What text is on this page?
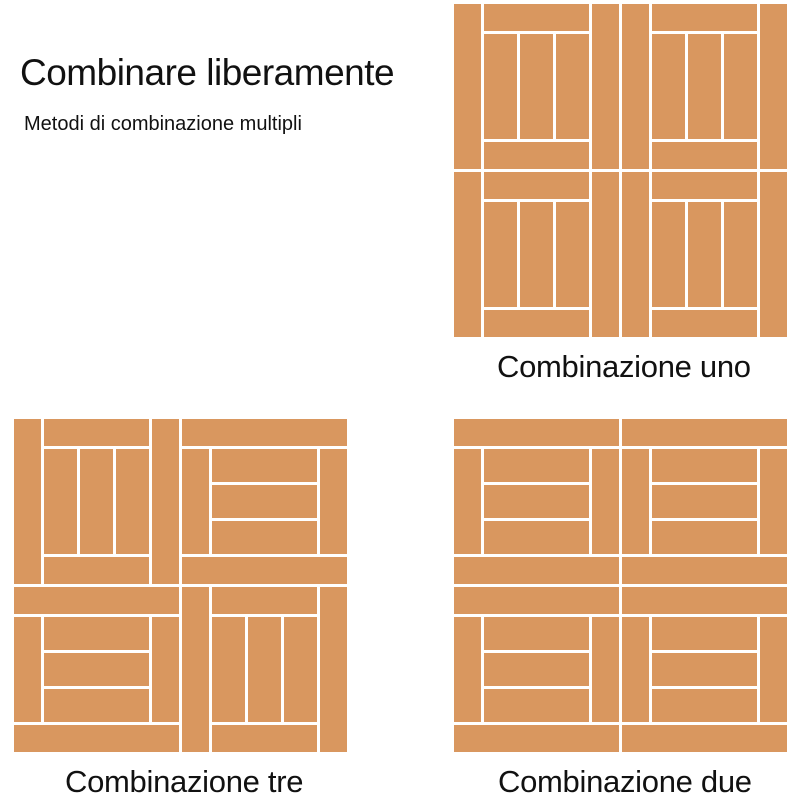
Combinare liberamente

Metodi di combinazione multipli

Combinazione uno
Combinazione tre	Combinazione due
